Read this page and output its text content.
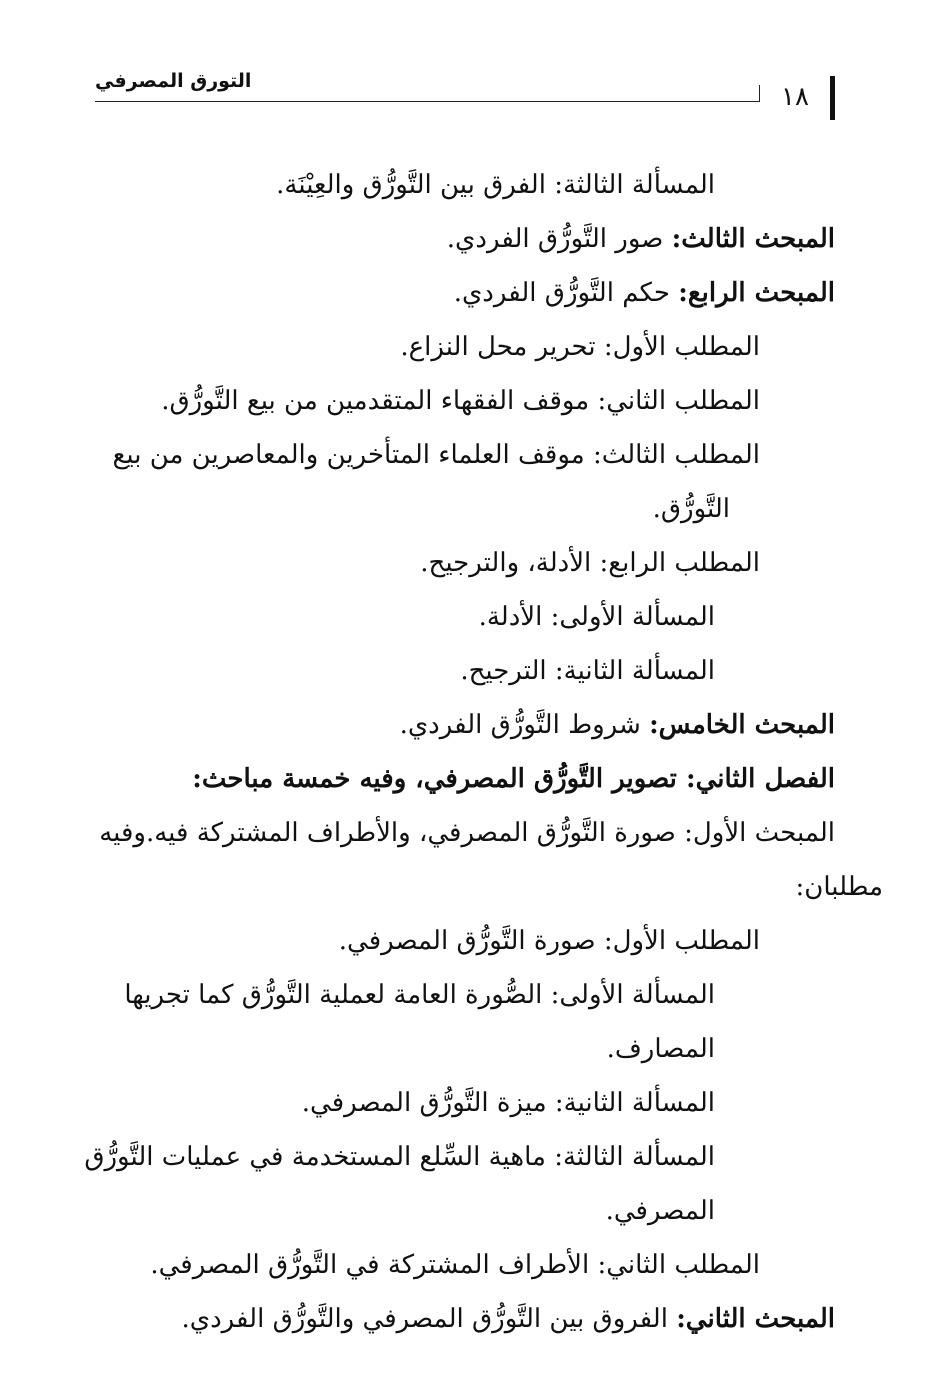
التورق المصرفي
١٨
المسألة الثالثة: الفرق بين التَّورُّق والعِيْنَة.
المبحث الثالث: صور التَّورُّق الفردي.
المبحث الرابع: حكم التَّورُّق الفردي.
المطلب الأول: تحرير محل النزاع.
المطلب الثاني: موقف الفقهاء المتقدمين من بيع التَّورُّق.
المطلب الثالث: موقف العلماء المتأخرين والمعاصرين من بيع
التَّورُّق.
المطلب الرابع: الأدلة، والترجيح.
المسألة الأولى: الأدلة.
المسألة الثانية: الترجيح.
المبحث الخامس: شروط التَّورُّق الفردي.
الفصل الثاني: تصوير التَّورُّق المصرفي، وفيه خمسة مباحث:
المبحث الأول: صورة التَّورُّق المصرفي، والأطراف المشتركة فيه.وفيه
مطلبان:
المطلب الأول: صورة التَّورُّق المصرفي.
المسألة الأولى: الصُّورة العامة لعملية التَّورُّق كما تجريها
المصارف.
المسألة الثانية: ميزة التَّورُّق المصرفي.
المسألة الثالثة: ماهية السِّلع المستخدمة في عمليات التَّورُّق
المصرفي.
المطلب الثاني: الأطراف المشتركة في التَّورُّق المصرفي.
المبحث الثاني: الفروق بين التَّورُّق المصرفي والتَّورُّق الفردي.
